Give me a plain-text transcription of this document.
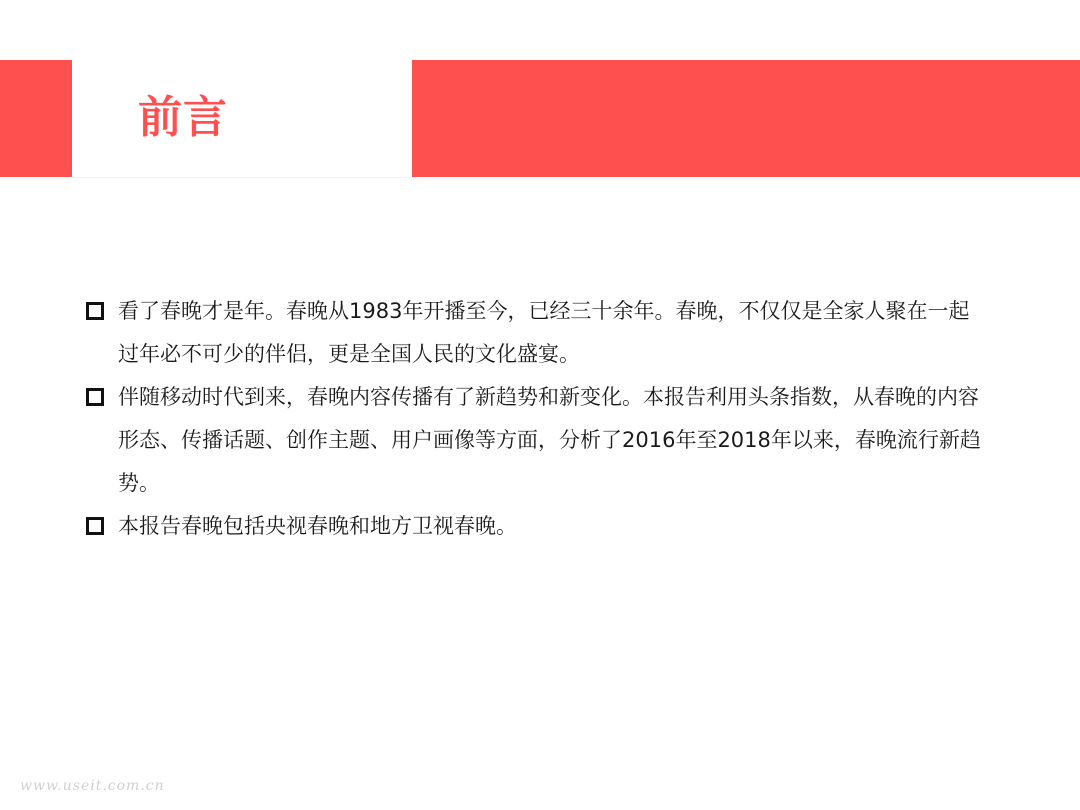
前言
看了春晚才是年。春晚从1983年开播至今，已经三十余年。春晚，不仅仅是全家人聚在一起过年必不可少的伴侣，更是全国人民的文化盛宴。
伴随移动时代到来，春晚内容传播有了新趋势和新变化。本报告利用头条指数，从春晚的内容形态、传播话题、创作主题、用户画像等方面，分析了2016年至2018年以来，春晚流行新趋势。
本报告春晚包括央视春晚和地方卫视春晚。
www.useit.com.cn
